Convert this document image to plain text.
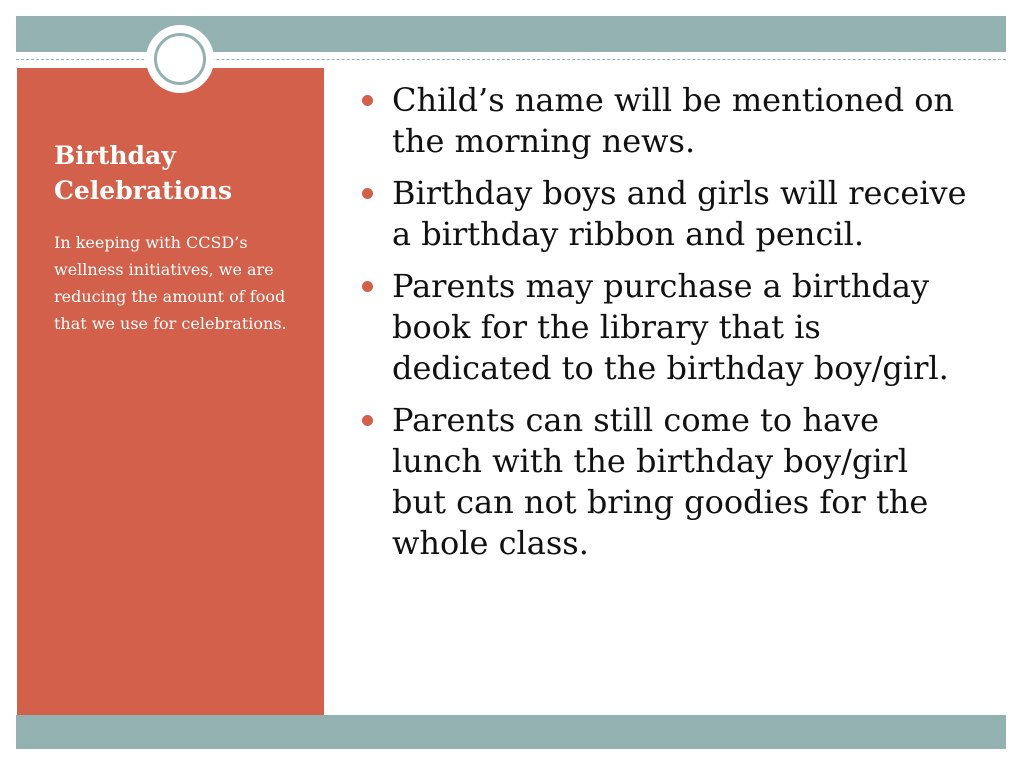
Birthday Celebrations

In keeping with CCSD’s wellness initiatives, we are reducing the amount of food that we use for celebrations.

Child’s name will be mentioned on the morning news.
Birthday boys and girls will receive a birthday ribbon and pencil.
Parents may purchase a birthday book for the library that is dedicated to the birthday boy/girl.
Parents can still come to have lunch with the birthday boy/girl but can not bring goodies for the whole class.
